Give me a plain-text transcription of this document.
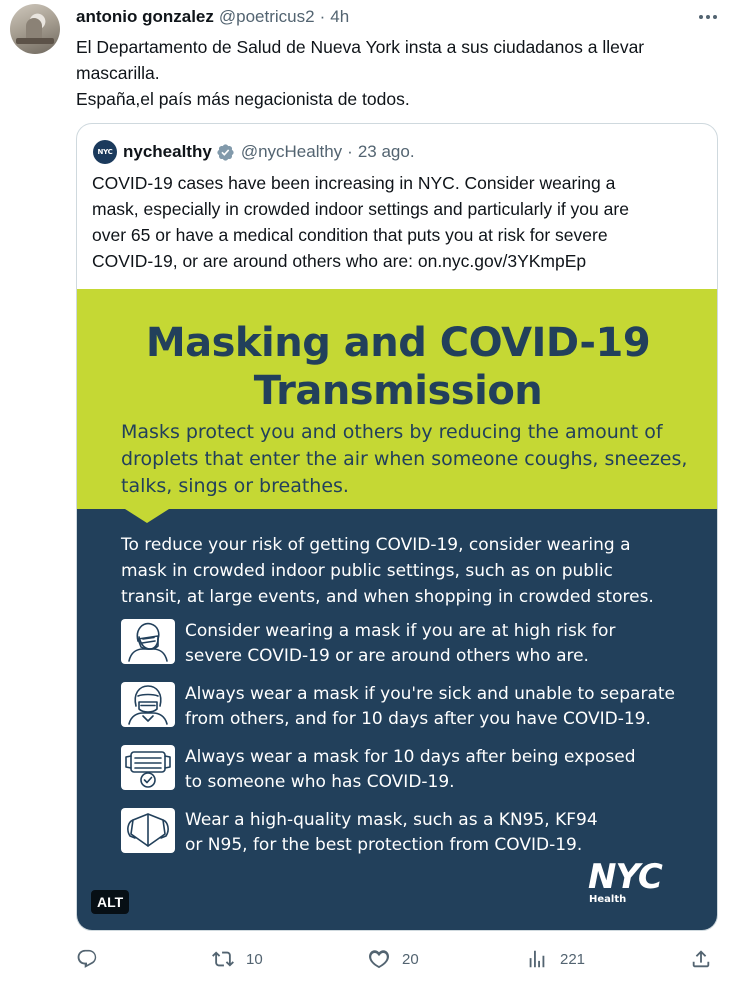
antonio gonzalez @poetricus2 · 4h
El Departamento de Salud de Nueva York insta a sus ciudadanos a llevar
mascarilla.
España,el país más negacionista de todos.
NYC nychealthy @nycHealthy · 23 ago.
COVID-19 cases have been increasing in NYC. Consider wearing a
mask, especially in crowded indoor settings and particularly if you are
over 65 or have a medical condition that puts you at risk for severe
COVID-19, or are around others who are: on.nyc.gov/3YKmpEp
Masking and COVID-19
Transmission
Masks protect you and others by reducing the amount of
droplets that enter the air when someone coughs, sneezes,
talks, sings or breathes.
To reduce your risk of getting COVID-19, consider wearing a
mask in crowded indoor public settings, such as on public
transit, at large events, and when shopping in crowded stores.
Consider wearing a mask if you are at high risk for
severe COVID-19 or are around others who are.
Always wear a mask if you're sick and unable to separate
from others, and for 10 days after you have COVID-19.
Always wear a mask for 10 days after being exposed
to someone who has COVID-19.
Wear a high-quality mask, such as a KN95, KF94
or N95, for the best protection from COVID-19.
NYC
Health
ALT
10	20	221
